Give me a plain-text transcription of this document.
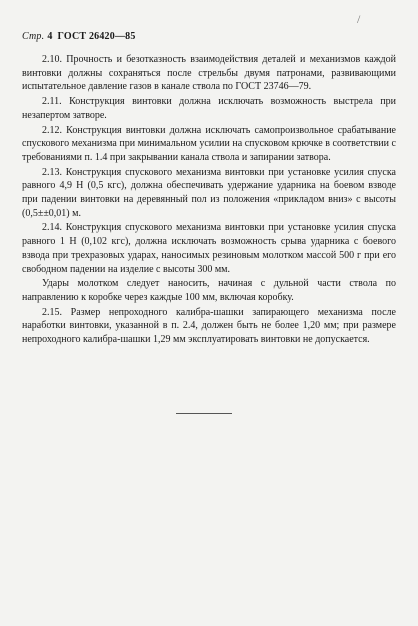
Стр. 4 ГОСТ 26420—85
/

2.10. Прочность и безотказность взаимодействия деталей и механизмов каждой винтовки должны сохраняться после стрельбы двумя патронами, развивающими испытательное давление газов в канале ствола по ГОСТ 23746—79.

2.11. Конструкция винтовки должна исключать возможность выстрела при незапертом затворе.

2.12. Конструкция винтовки должна исключать самопроизвольное срабатывание спускового механизма при минимальном усилии на спусковом крючке в соответствии с требованиями п. 1.4 при закрывании канала ствола и запирании затвора.

2.13. Конструкция спускового механизма винтовки при установке усилия спуска равного 4,9 Н (0,5 кгс), должна обеспечивать удержание ударника на боевом взводе при падении винтовки на деревянный пол из положения «прикладом вниз» с высоты (0,5±±0,01) м.

2.14. Конструкция спускового механизма винтовки при установке усилия спуска равного 1 Н (0,102 кгс), должна исключать возможность срыва ударника с боевого взвода при трехразовых ударах, наносимых резиновым молотком массой 500 г при его свободном падении на изделие с высоты 300 мм.

Удары молотком следует наносить, начиная с дульной части ствола по направлению к коробке через каждые 100 мм, включая коробку.

2.15. Размер непроходного калибра-шашки запирающего механизма после наработки винтовки, указанной в п. 2.4, должен быть не более 1,20 мм; при размере непроходного калибра-шашки 1,29 мм эксплуатировать винтовки не допускается.
